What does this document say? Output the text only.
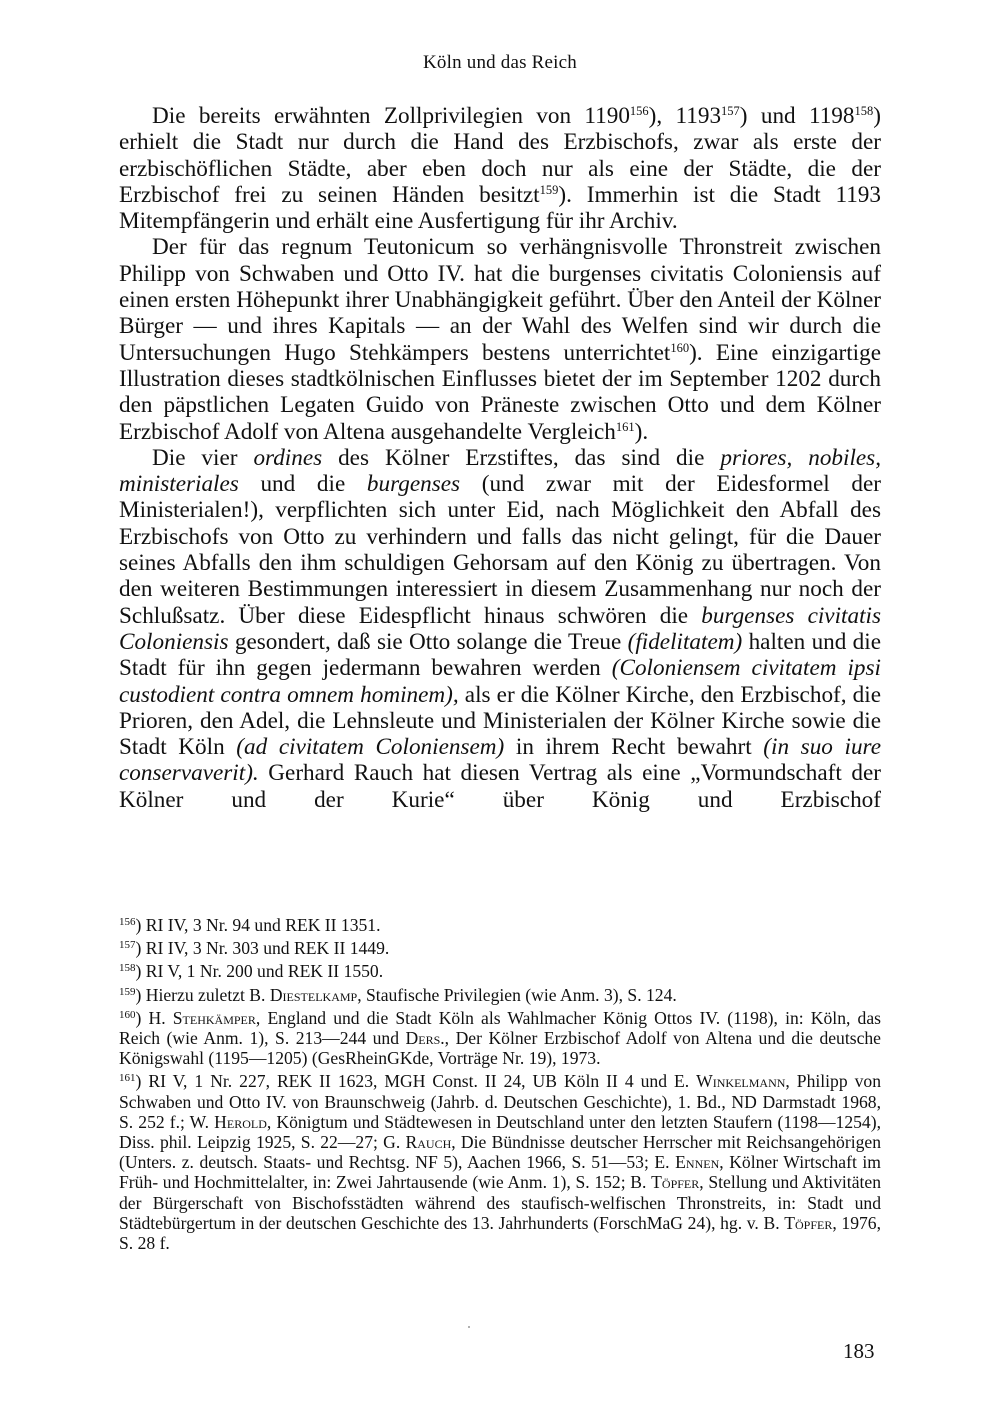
Köln und das Reich

Die bereits erwähnten Zollprivilegien von 1190$^{156}$), 1193$^{157}$) und 1198$^{158}$) erhielt die Stadt nur durch die Hand des Erzbischofs, zwar als erste der erzbischöflichen Städte, aber eben doch nur als eine der Städte, die der Erzbischof frei zu seinen Händen besitzt$^{159}$). Immerhin ist die Stadt 1193 Mitempfängerin und erhält eine Ausfertigung für ihr Archiv.

Der für das regnum Teutonicum so verhängnisvolle Thronstreit zwischen Philipp von Schwaben und Otto IV. hat die burgenses civitatis Coloniensis auf einen ersten Höhepunkt ihrer Unabhängigkeit geführt. Über den Anteil der Kölner Bürger — und ihres Kapitals — an der Wahl des Welfen sind wir durch die Untersuchungen Hugo Stehkämpers bestens unterrichtet$^{160}$). Eine einzigartige Illustration dieses stadtkölnischen Einflusses bietet der im September 1202 durch den päpstlichen Legaten Guido von Präneste zwischen Otto und dem Kölner Erzbischof Adolf von Altena ausgehandelte Vergleich$^{161}$).

Die vier ordines des Kölner Erzstiftes, das sind die priores, nobiles, ministeriales und die burgenses (und zwar mit der Eidesformel der Ministerialen!), verpflichten sich unter Eid, nach Möglichkeit den Abfall des Erzbischofs von Otto zu verhindern und falls das nicht gelingt, für die Dauer seines Abfalls den ihm schuldigen Gehorsam auf den König zu übertragen. Von den weiteren Bestimmungen interessiert in diesem Zusammenhang nur noch der Schlußsatz. Über diese Eidespflicht hinaus schwören die burgenses civitatis Coloniensis gesondert, daß sie Otto solange die Treue (fidelitatem) halten und die Stadt für ihn gegen jedermann bewahren werden (Coloniensem civitatem ipsi custodient contra omnem hominem), als er die Kölner Kirche, den Erzbischof, die Prioren, den Adel, die Lehnsleute und Ministerialen der Kölner Kirche sowie die Stadt Köln (ad civitatem Coloniensem) in ihrem Recht bewahrt (in suo iure conservaverit). Gerhard Rauch hat diesen Vertrag als eine „Vormundschaft der Kölner und der Kurie“ über König und Erzbischof

$^{156}$) RI IV, 3 Nr. 94 und REK II 1351.
$^{157}$) RI IV, 3 Nr. 303 und REK II 1449.
$^{158}$) RI V, 1 Nr. 200 und REK II 1550.
$^{159}$) Hierzu zuletzt B. Diestelkamp, Staufische Privilegien (wie Anm. 3), S. 124.
$^{160}$) H. Stehkämper, England und die Stadt Köln als Wahlmacher König Ottos IV. (1198), in: Köln, das Reich (wie Anm. 1), S. 213—244 und Ders., Der Kölner Erzbischof Adolf von Altena und die deutsche Königswahl (1195—1205) (GesRheinGKde, Vorträge Nr. 19), 1973.
$^{161}$) RI V, 1 Nr. 227, REK II 1623, MGH Const. II 24, UB Köln II 4 und E. Winkelmann, Philipp von Schwaben und Otto IV. von Braunschweig (Jahrb. d. Deutschen Geschichte), 1. Bd., ND Darmstadt 1968, S. 252 f.; W. Herold, Königtum und Städtewesen in Deutschland unter den letzten Staufern (1198—1254), Diss. phil. Leipzig 1925, S. 22—27; G. Rauch, Die Bündnisse deutscher Herrscher mit Reichsangehörigen (Unters. z. deutsch. Staats- und Rechtsg. NF 5), Aachen 1966, S. 51—53; E. Ennen, Kölner Wirtschaft im Früh- und Hochmittelalter, in: Zwei Jahrtausende (wie Anm. 1), S. 152; B. Töpfer, Stellung und Aktivitäten der Bürgerschaft von Bischofsstädten während des staufisch-welfischen Thronstreits, in: Stadt und Städtebürgertum in der deutschen Geschichte des 13. Jahrhunderts (ForschMaG 24), hg. v. B. Töpfer, 1976, S. 28 f.
183
